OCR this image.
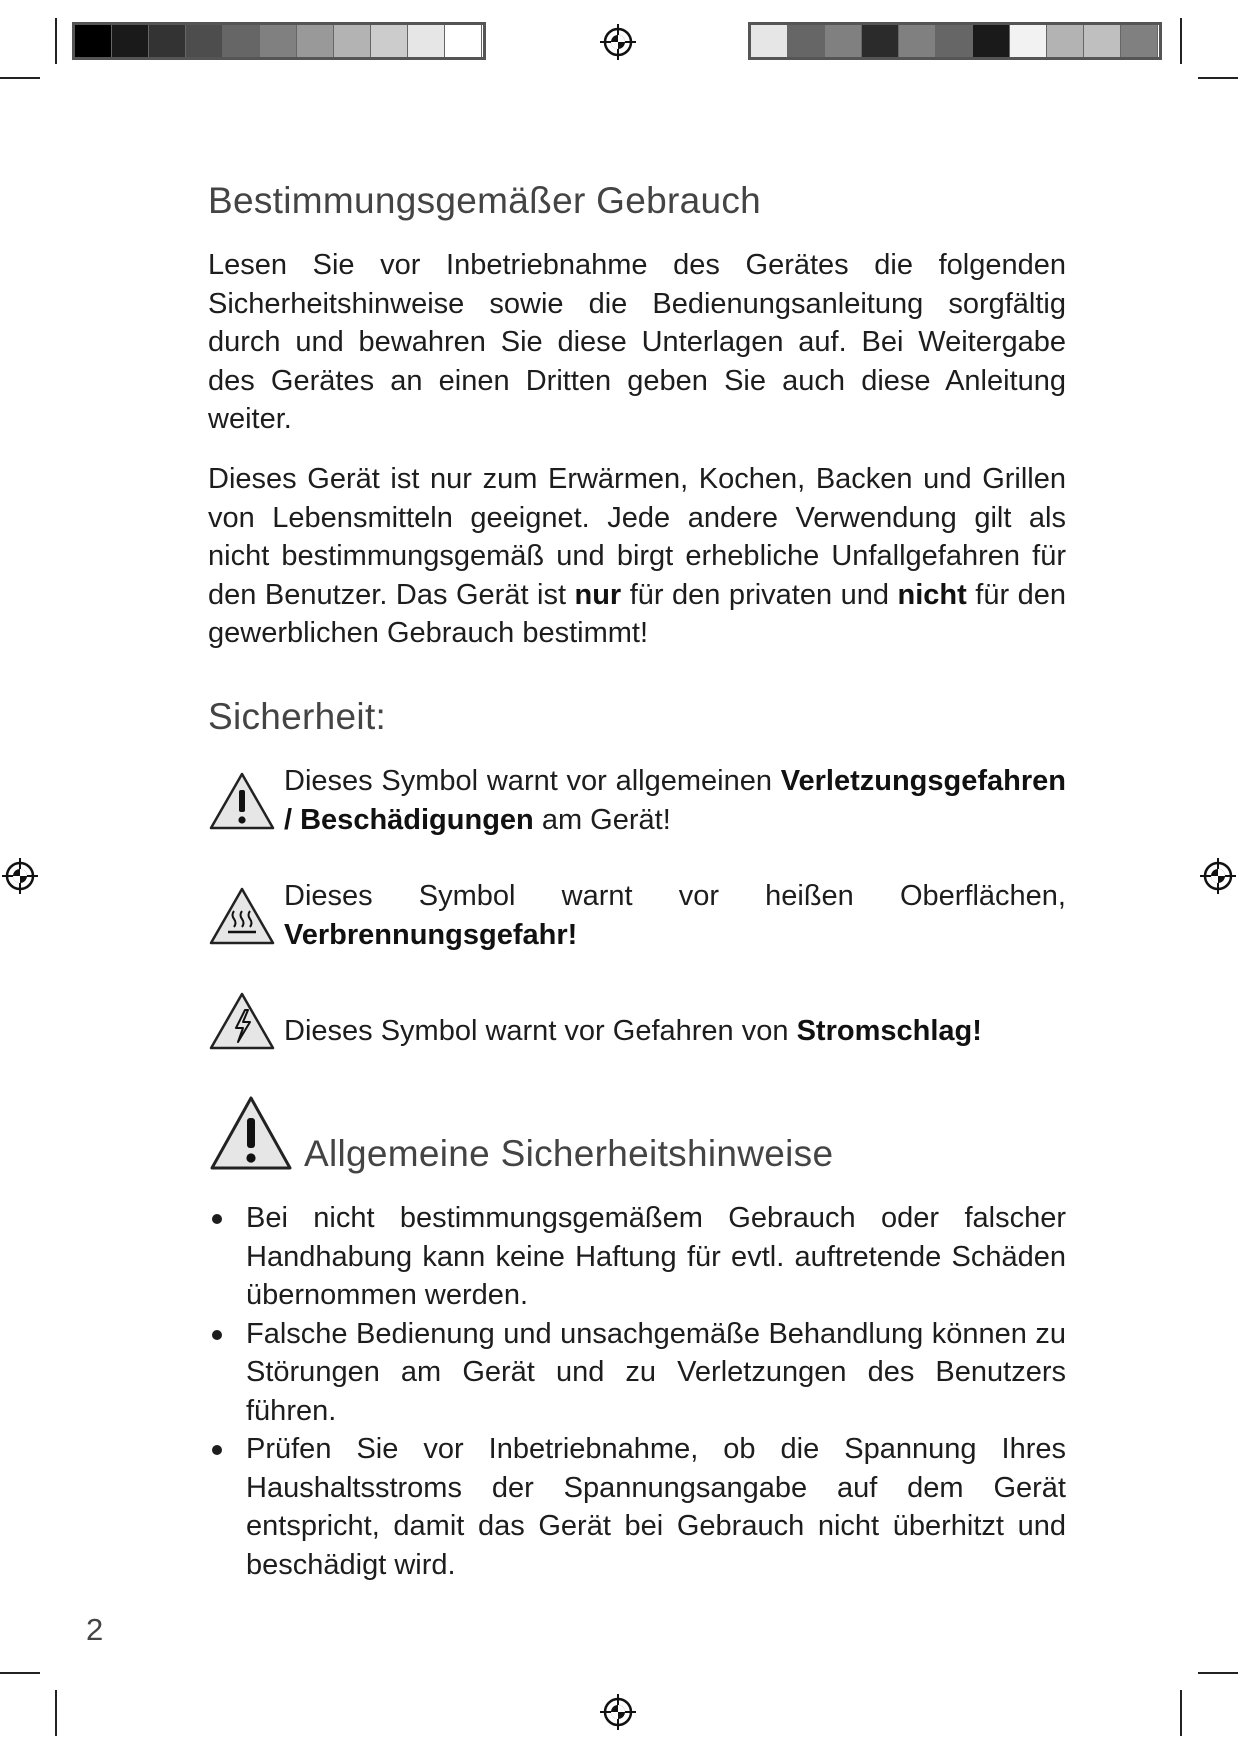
Bestimmungsgemäßer Gebrauch

Lesen Sie vor Inbetriebnahme des Gerätes die folgenden Sicherheitshinweise sowie die Bedienungsanleitung sorgfältig durch und bewahren Sie diese Unterlagen auf. Bei Weitergabe des Gerätes an einen Dritten geben Sie auch diese Anleitung weiter.

Dieses Gerät ist nur zum Erwärmen, Kochen, Backen und Grillen von Lebensmitteln geeignet. Jede andere Verwendung gilt als nicht bestimmungsgemäß und birgt erhebliche Unfallgefahren für den Benutzer. Das Gerät ist nur für den privaten und nicht für den gewerblichen Gebrauch bestimmt!

Sicherheit:
Dieses Symbol warnt vor allgemeinen Verletzungsgefahren / Beschädigungen am Gerät!
Dieses Symbol warnt vor heißen Oberflächen, Verbrennungsgefahr!
Dieses Symbol warnt vor Gefahren von Stromschlag!
Allgemeine Sicherheitshinweise
Bei nicht bestimmungsgemäßem Gebrauch oder falscher Handhabung kann keine Haftung für evtl. auftretende Schäden übernommen werden.
Falsche Bedienung und unsachgemäße Behandlung können zu Störungen am Gerät und zu Verletzungen des Benutzers führen.
Prüfen Sie vor Inbetriebnahme, ob die Spannung Ihres Haushaltsstroms der Spannungsangabe auf dem Gerät entspricht, damit das Gerät bei Gebrauch nicht überhitzt und beschädigt wird.
2
